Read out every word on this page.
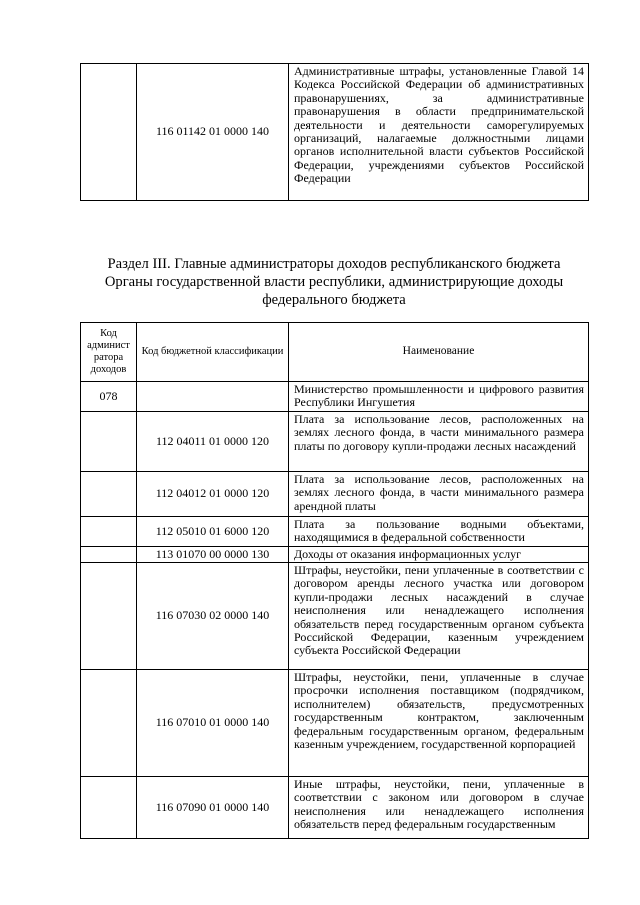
	116 01142 01 0000 140	Административные штрафы, установленные Главой 14 Кодекса Российской Федерации об административных правонарушениях, за административные правонарушения в области предпринимательской деятельности и деятельности саморегулируемых организаций, налагаемые должностными лицами органов исполнительной власти субъектов Российской Федерации, учреждениями субъектов Российской Федерации
Раздел III. Главные администраторы доходов республиканского бюджета
Органы государственной власти республики, администрирующие доходы
федерального бюджета
Код админист ратора доходов	Код бюджетной классификации	Наименование
078		Министерство промышленности и цифрового развития Республики Ингушетия
	112 04011 01 0000 120	Плата за использование лесов, расположенных на землях лесного фонда, в части минимального размера платы по договору купли-продажи лесных насаждений
	112 04012 01 0000 120	Плата за использование лесов, расположенных на землях лесного фонда, в части минимального размера арендной платы
	112 05010 01 6000 120	Плата за пользование водными объектами, находящимися в федеральной собственности
	113 01070 00 0000 130	Доходы от оказания информационных услуг
	116 07030 02 0000 140	Штрафы, неустойки, пени уплаченные в соответствии с договором аренды лесного участка или договором купли-продажи лесных насаждений в случае неисполнения или ненадлежащего исполнения обязательств перед государственным органом субъекта Российской Федерации, казенным учреждением субъекта Российской Федерации
	116 07010 01 0000 140	Штрафы, неустойки, пени, уплаченные в случае просрочки исполнения поставщиком (подрядчиком, исполнителем) обязательств, предусмотренных государственным контрактом, заключенным федеральным государственным органом, федеральным казенным учреждением, государственной корпорацией
	116 07090 01 0000 140	Иные штрафы, неустойки, пени, уплаченные в соответствии с законом или договором в случае неисполнения или ненадлежащего исполнения обязательств перед федеральным государственным
